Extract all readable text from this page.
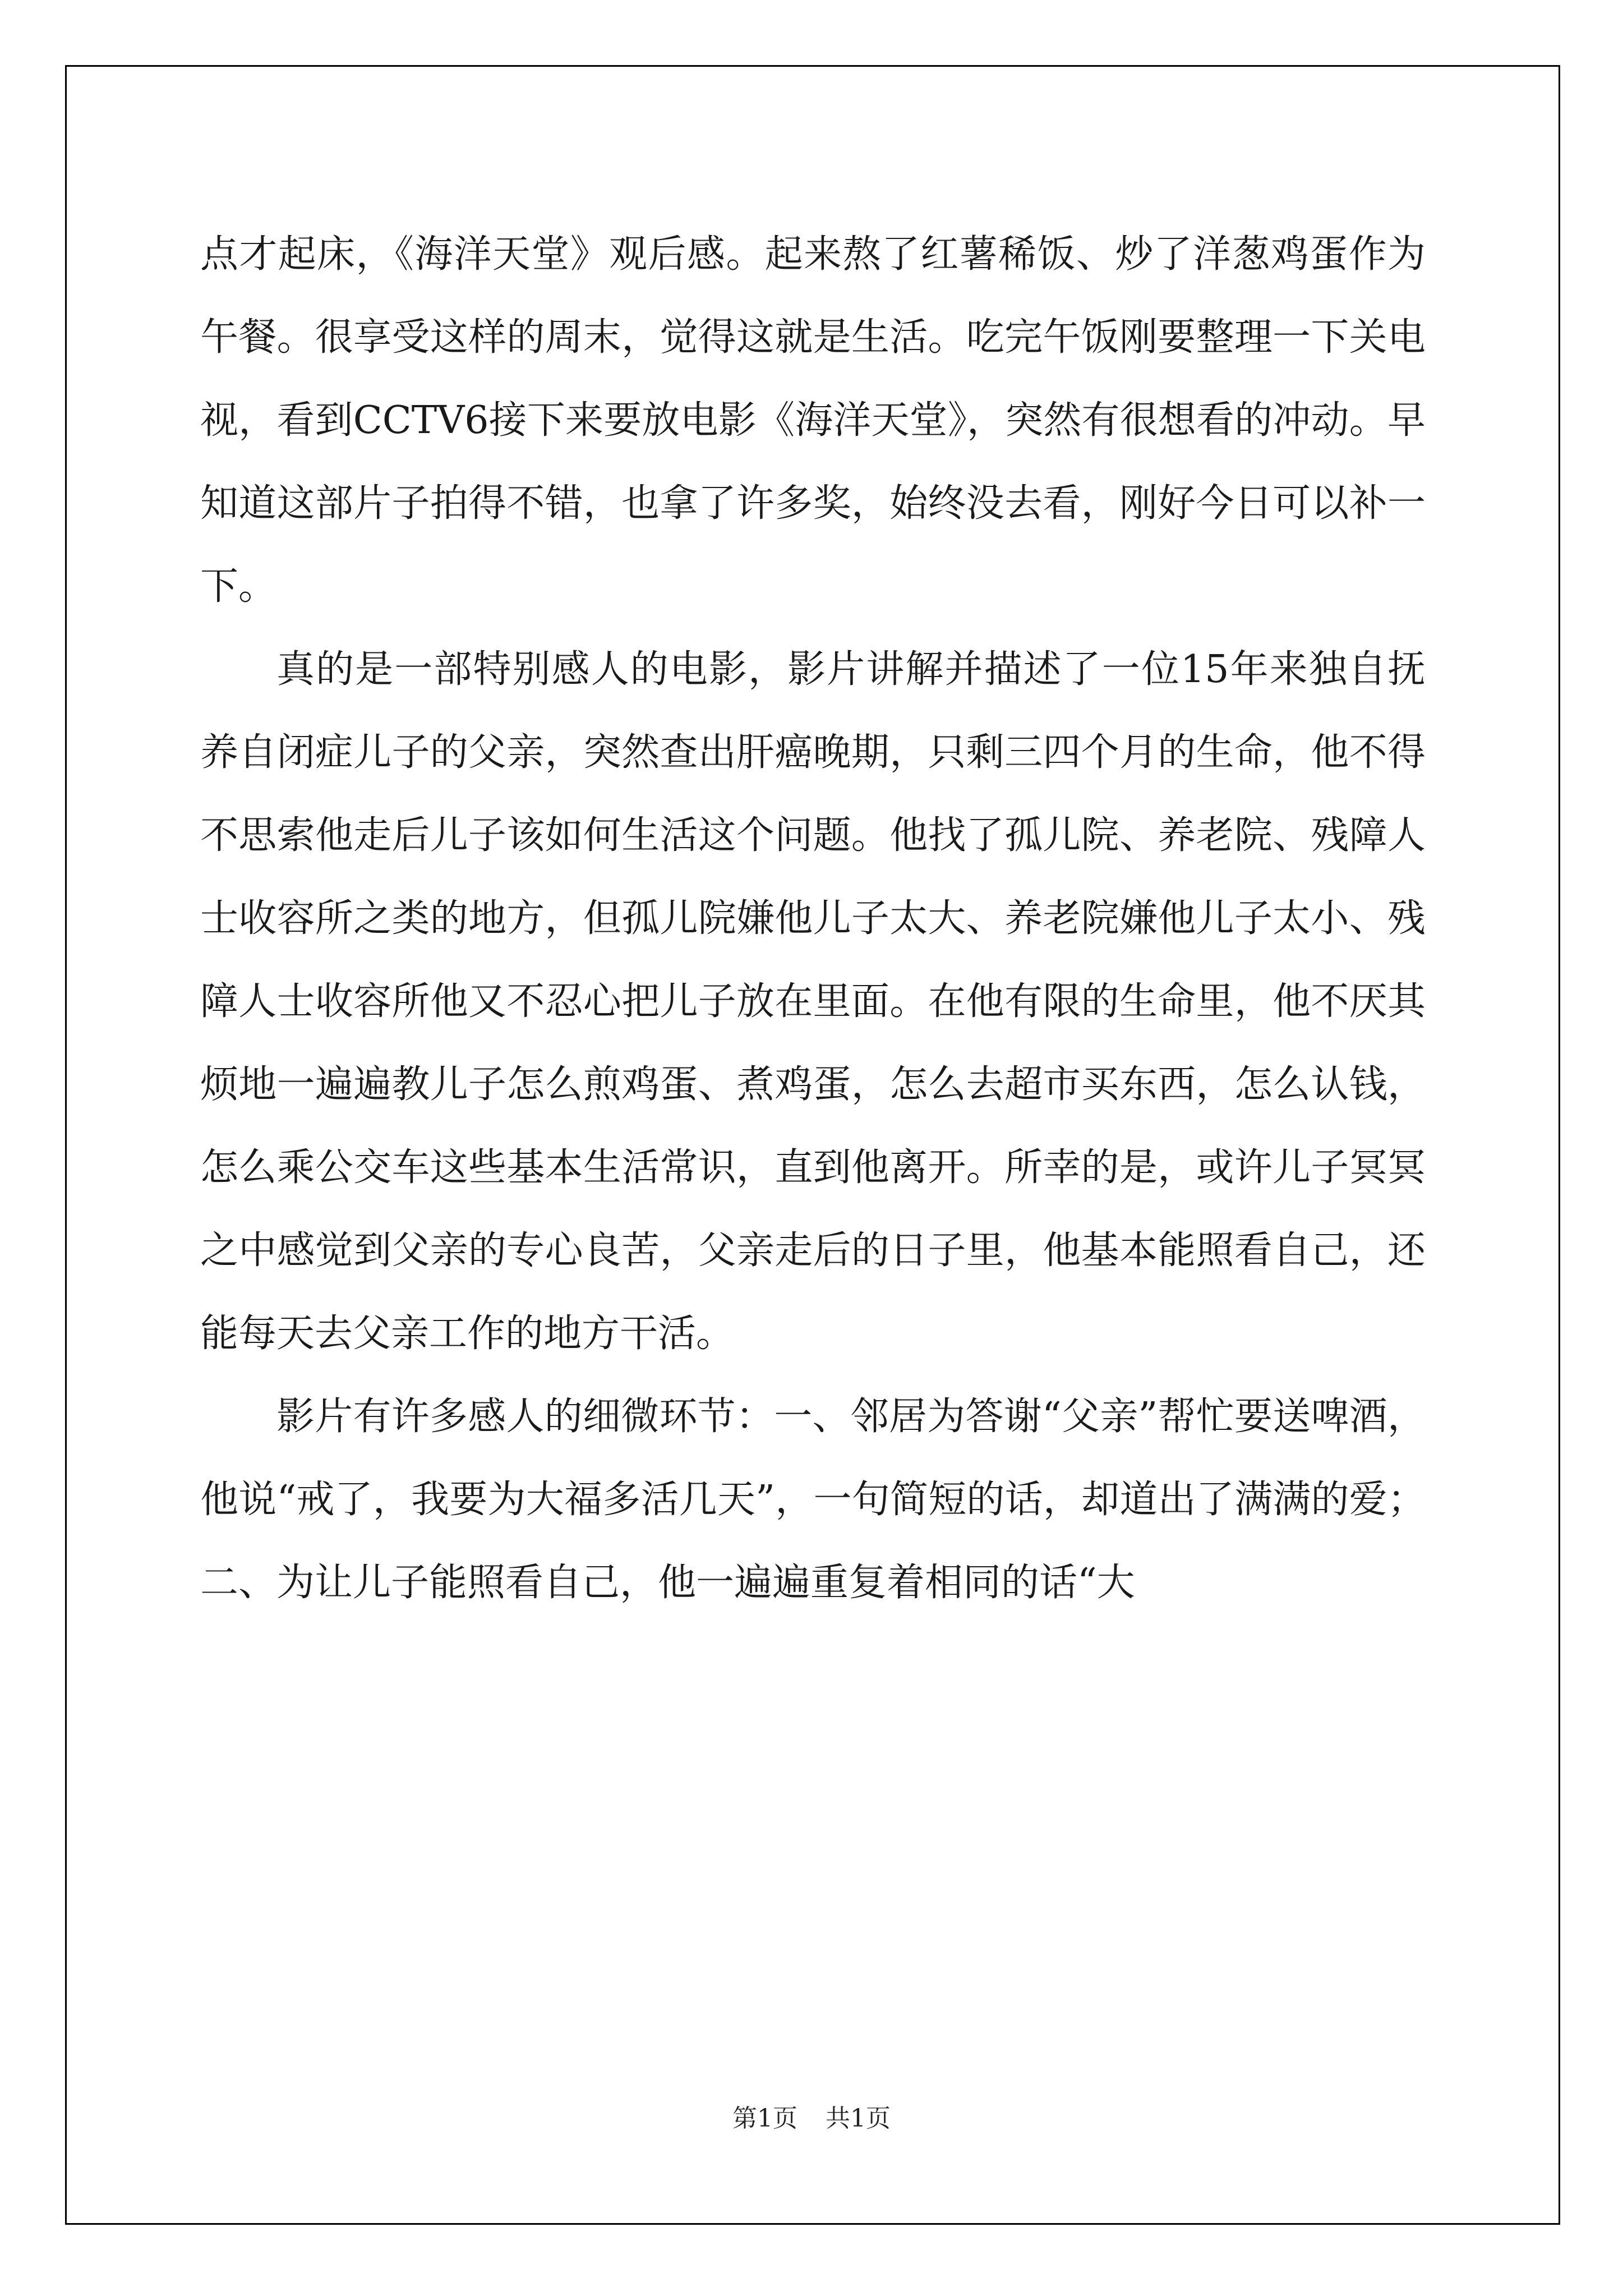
点才起床，《海洋天堂》观后感。起来熬了红薯稀饭、炒了洋葱鸡蛋作为午餐。很享受这样的周末，觉得这就是生活。吃完午饭刚要整理一下关电视，看到CCTV6接下来要放电影《海洋天堂》，突然有很想看的冲动。早知道这部片子拍得不错，也拿了许多奖，始终没去看，刚好今日可以补一下。

真的是一部特别感人的电影，影片讲解并描述了一位15年来独自抚养自闭症儿子的父亲，突然查出肝癌晚期，只剩三四个月的生命，他不得不思索他走后儿子该如何生活这个问题。他找了孤儿院、养老院、残障人士收容所之类的地方，但孤儿院嫌他儿子太大、养老院嫌他儿子太小、残障人士收容所他又不忍心把儿子放在里面。在他有限的生命里，他不厌其烦地一遍遍教儿子怎么煎鸡蛋、煮鸡蛋，怎么去超市买东西，怎么认钱，怎么乘公交车这些基本生活常识，直到他离开。所幸的是，或许儿子冥冥之中感觉到父亲的专心良苦，父亲走后的日子里，他基本能照看自己，还能每天去父亲工作的地方干活。

影片有许多感人的细微环节：一、邻居为答谢“父亲”帮忙要送啤酒，他说“戒了，我要为大福多活几天”，一句简短的话，却道出了满满的爱；二、为让儿子能照看自己，他一遍遍重复着相同的话“大

第1页 共1页
